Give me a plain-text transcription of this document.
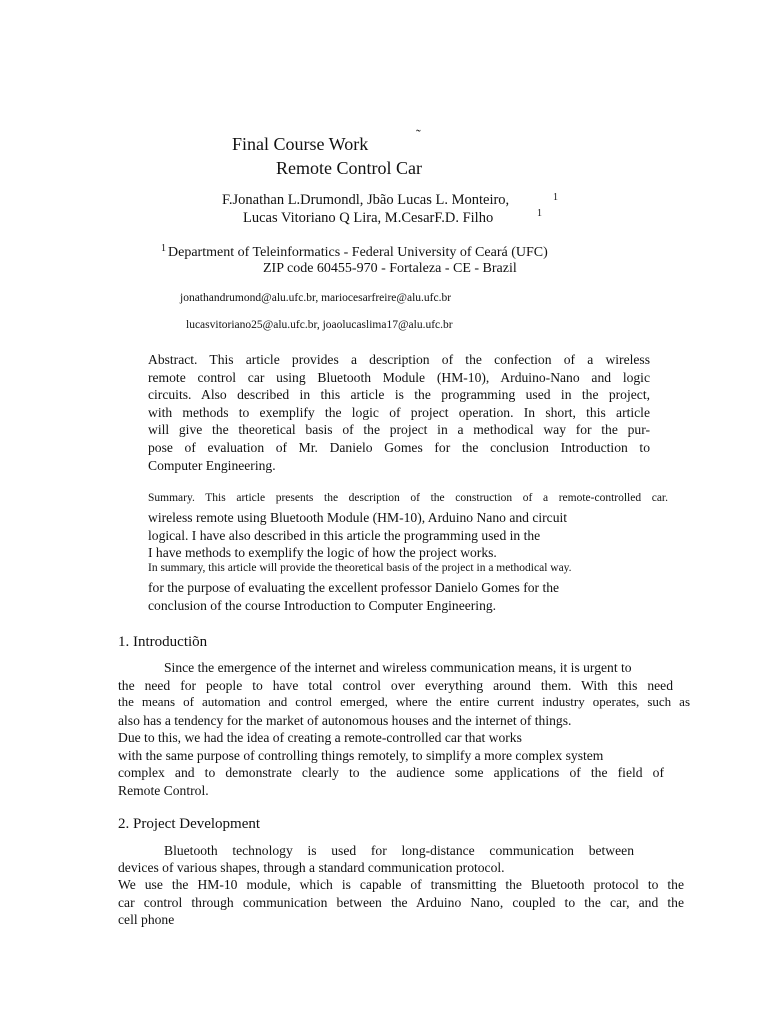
Final Course Work	˜
Remote Control Car
F.Jonathan L.Drumondl, Jbão Lucas L. Monteiro,	1
Lucas Vitoriano Q Lira, M.CesarF.D. Filho	1
1 Department of Teleinformatics - Federal University of Ceará (UFC)
ZIP code 60455-970 - Fortaleza - CE - Brazil
jonathandrumond@alu.ufc.br, mariocesarfreire@alu.ufc.br
lucasvitoriano25@alu.ufc.br, joaolucaslima17@alu.ufc.br
Abstract. This article provides a description of the confection of a wireless
remote control car using Bluetooth Module (HM-10), Arduino-Nano and logic
circuits. Also described in this article is the programming used in the project,
with methods to exemplify the logic of project operation. In short, this article
will give the theoretical basis of the project in a methodical way for the pur-
pose of evaluation of Mr. Danielo Gomes for the conclusion Introduction to
Computer Engineering.
Summary. This article presents the description of the construction of a remote-controlled car.
wireless remote using Bluetooth Module (HM-10), Arduino Nano and circuit
logical. I have also described in this article the programming used in the
I have methods to exemplify the logic of how the project works.
In summary, this article will provide the theoretical basis of the project in a methodical way.
for the purpose of evaluating the excellent professor Danielo Gomes for the
conclusion of the course Introduction to Computer Engineering.
1. Introductiõn
Since the emergence of the internet and wireless communication means, it is urgent to
the need for people to have total control over everything around them. With this need
the means of automation and control emerged, where the entire current industry operates, such as
also has a tendency for the market of autonomous houses and the internet of things.
Due to this, we had the idea of creating a remote-controlled car that works
with the same purpose of controlling things remotely, to simplify a more complex system
complex and to demonstrate clearly to the audience some applications of the field of
Remote Control.
2. Project Development
Bluetooth technology is used for long-distance communication between
devices of various shapes, through a standard communication protocol.
We use the HM-10 module, which is capable of transmitting the Bluetooth protocol to the
car control through communication between the Arduino Nano, coupled to the car, and the
cell phone
